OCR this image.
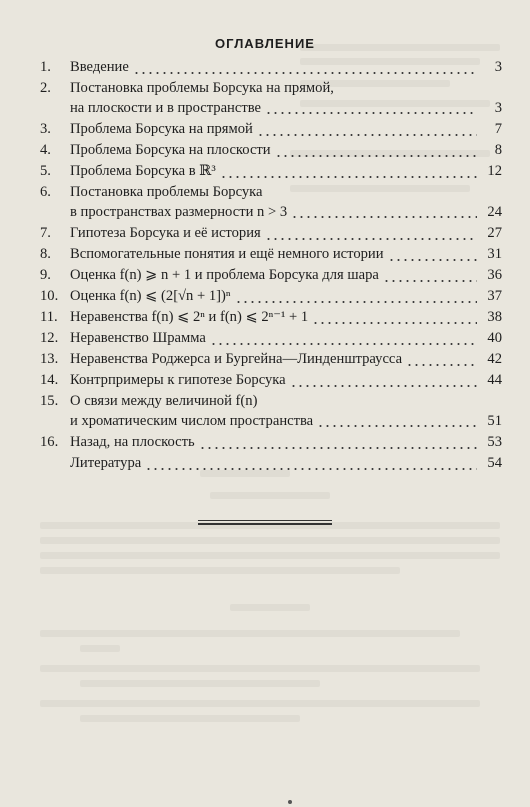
ОГЛАВЛЕНИЕ
1.	Введение	3
2.	Постановка проблемы Борсука на прямой,
на плоскости и в пространстве	3
3.	Проблема Борсука на прямой	7
4.	Проблема Борсука на плоскости	8
5.	Проблема Борсука в ℝ³	12
6.	Постановка проблемы Борсука
в пространствах размерности n > 3	24
7.	Гипотеза Борсука и её история	27
8.	Вспомогательные понятия и ещё немного истории	31
9.	Оценка f(n) ⩾ n + 1 и проблема Борсука для шара	36
10. Оценка f(n) ⩽ (2[√n + 1])ⁿ	37
11. Неравенства f(n) ⩽ 2ⁿ и f(n) ⩽ 2ⁿ⁻¹ + 1	38
12. Неравенство Шрамма	40
13. Неравенства Роджерса и Бургейна—Линденштраусса	42
14. Контрпримеры к гипотезе Борсука	44
15. О связи между величиной f(n)
и хроматическим числом пространства	51
16. Назад, на плоскость	53
Литература	54
